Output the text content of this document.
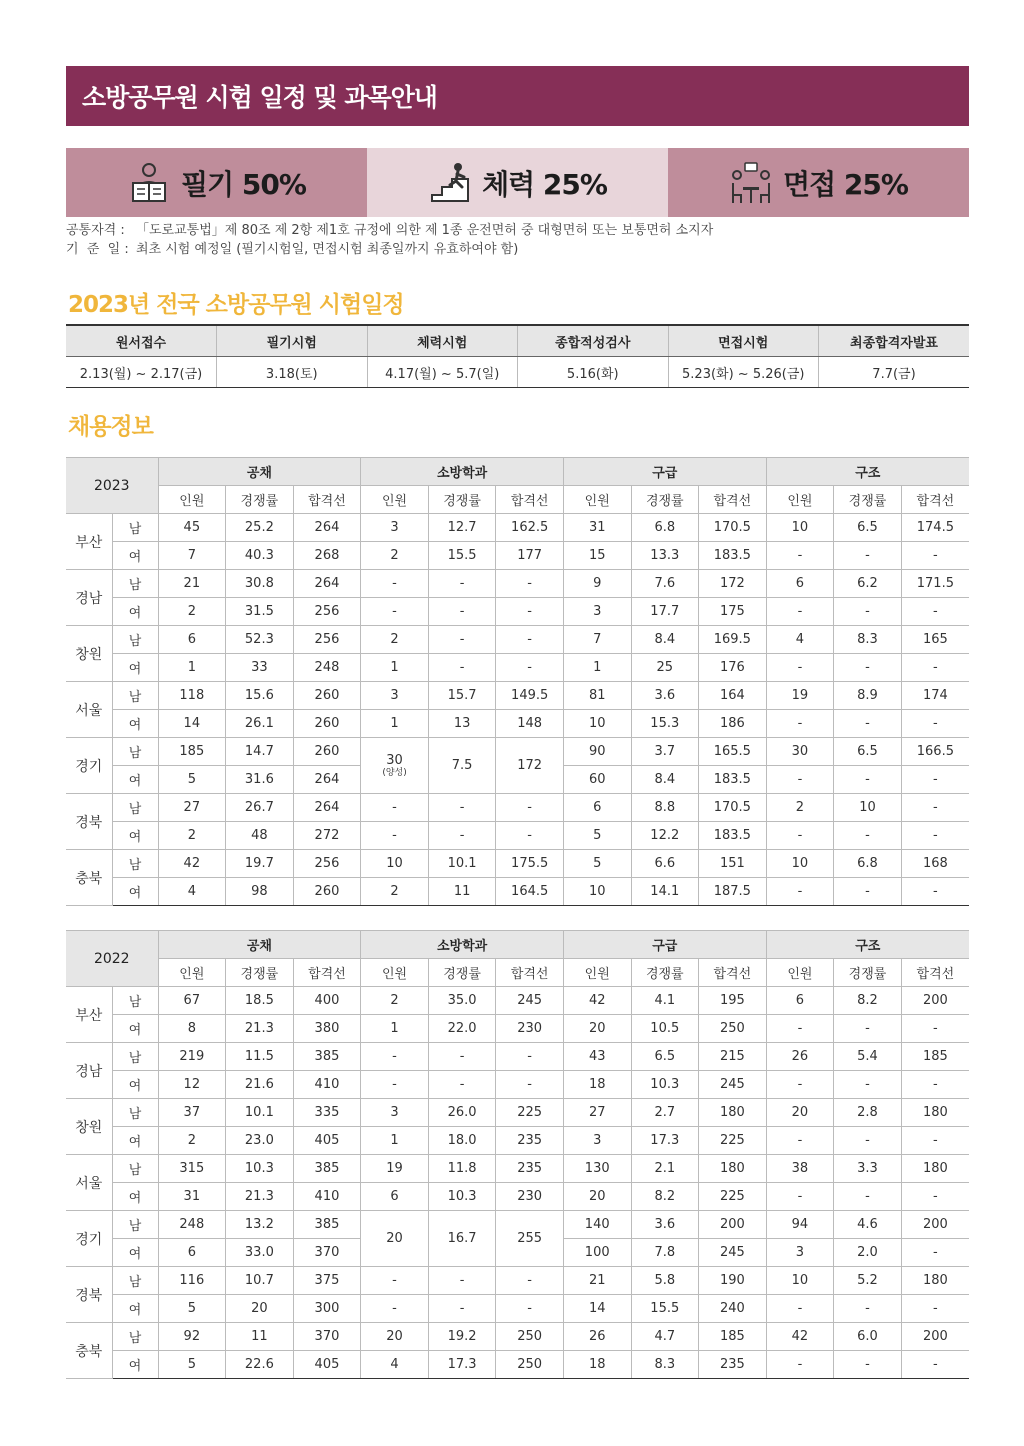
소방공무원 시험 일정 및 과목안내
필기 50%	체력 25%	면접 25%
공통자격 : 「도로교통법」제 80조 제 2항 제1호 규정에 의한 제 1종 운전면허 중 대형면허 또는 보통면허 소지자
기  준  일 : 최초 시험 예정일 (필기시험일, 면접시험 최종일까지 유효하여야 함)
2023년 전국 소방공무원 시험일정
원서접수	필기시험	체력시험	종합적성검사	면접시험	최종합격자발표
2.13(월) ~ 2.17(금)	3.18(토)	4.17(월) ~ 5.7(일)	5.16(화)	5.23(화) ~ 5.26(금)	7.7(금)
채용정보
2023		공채			소방학과			구급			구조		
		인원	경쟁률	합격선	인원	경쟁률	합격선	인원	경쟁률	합격선	인원	경쟁률	합격선
부산	남	45	25.2	264	3	12.7	162.5	31	6.8	170.5	10	6.5	174.5
	여	7	40.3	268	2	15.5	177	15	13.3	183.5	-	-	-
경남	남	21	30.8	264	-	-	-	9	7.6	172	6	6.2	171.5
	여	2	31.5	256	-	-	-	3	17.7	175	-	-	-
창원	남	6	52.3	256	2	-	-	7	8.4	169.5	4	8.3	165
	여	1	33	248	1	-	-	1	25	176	-	-	-
서울	남	118	15.6	260	3	15.7	149.5	81	3.6	164	19	8.9	174
	여	14	26.1	260	1	13	148	10	15.3	186	-	-	-
경기	남	185	14.7	260	30
(양성)	7.5	172	90	3.7	165.5	30	6.5	166.5
	여	5	31.6	264				60	8.4	183.5	-	-	-
경북	남	27	26.7	264	-	-	-	6	8.8	170.5	2	10	-
	여	2	48	272	-	-	-	5	12.2	183.5	-	-	-
충북	남	42	19.7	256	10	10.1	175.5	5	6.6	151	10	6.8	168
	여	4	98	260	2	11	164.5	10	14.1	187.5	-	-	-
2022		공채			소방학과			구급			구조		
		인원	경쟁률	합격선	인원	경쟁률	합격선	인원	경쟁률	합격선	인원	경쟁률	합격선
부산	남	67	18.5	400	2	35.0	245	42	4.1	195	6	8.2	200
	여	8	21.3	380	1	22.0	230	20	10.5	250	-	-	-
경남	남	219	11.5	385	-	-	-	43	6.5	215	26	5.4	185
	여	12	21.6	410	-	-	-	18	10.3	245	-	-	-
창원	남	37	10.1	335	3	26.0	225	27	2.7	180	20	2.8	180
	여	2	23.0	405	1	18.0	235	3	17.3	225	-	-	-
서울	남	315	10.3	385	19	11.8	235	130	2.1	180	38	3.3	180
	여	31	21.3	410	6	10.3	230	20	8.2	225	-	-	-
경기	남	248	13.2	385	20	16.7	255	140	3.6	200	94	4.6	200
	여	6	33.0	370				100	7.8	245	3	2.0	-
경북	남	116	10.7	375	-	-	-	21	5.8	190	10	5.2	180
	여	5	20	300	-	-	-	14	15.5	240	-	-	-
충북	남	92	11	370	20	19.2	250	26	4.7	185	42	6.0	200
	여	5	22.6	405	4	17.3	250	18	8.3	235	-	-	-
